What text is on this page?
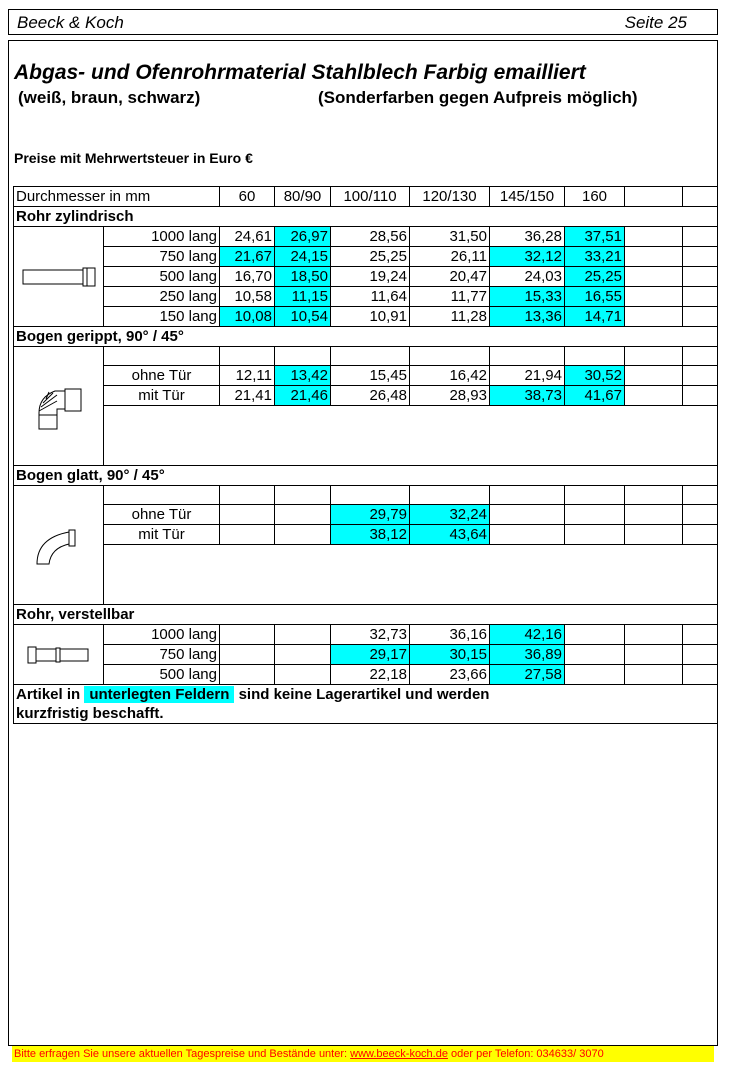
Beeck & Koch	Seite 25
Abgas- und Ofenrohrmaterial Stahlblech Farbig emailliert
(weiß, braun, schwarz)	(Sonderfarben gegen Aufpreis möglich)
Preise mit Mehrwertsteuer in Euro €
Durchmesser in mm		60	80/90	100/110	120/130	145/150	160		
Rohr zylindrisch									

	1000 lang	24,61	26,97	28,56	31,50	36,28	37,51		
	750 lang	21,67	24,15	25,25	26,11	32,12	33,21		
	500 lang	16,70	18,50	19,24	20,47	24,03	25,25		
	250 lang	10,58	11,15	11,64	11,77	15,33	16,55		
	150 lang	10,08	10,54	10,91	11,28	13,36	14,71		
Bogen gerippt, 90° / 45°									

	ohne Tür	12,11	13,42	15,45	16,42	21,94	30,52		
	mit Tür	21,41	21,46	26,48	28,93	38,73	41,67		

Bogen glatt, 90° / 45°									

	ohne Tür			29,79	32,24				
	mit Tür			38,12	43,64				

Rohr, verstellbar									

	1000 lang			32,73	36,16	42,16			
	750 lang			29,17	30,15	36,89			
	500 lang			22,18	23,66	27,58			
Artikel in unterlegten Feldern sind keine Lagerartikel und werden									
kurzfristig beschafft.									
Bitte erfragen Sie unsere aktuellen Tagespreise und Bestände unter: www.beeck-koch.de oder per Telefon: 034633/ 3070
